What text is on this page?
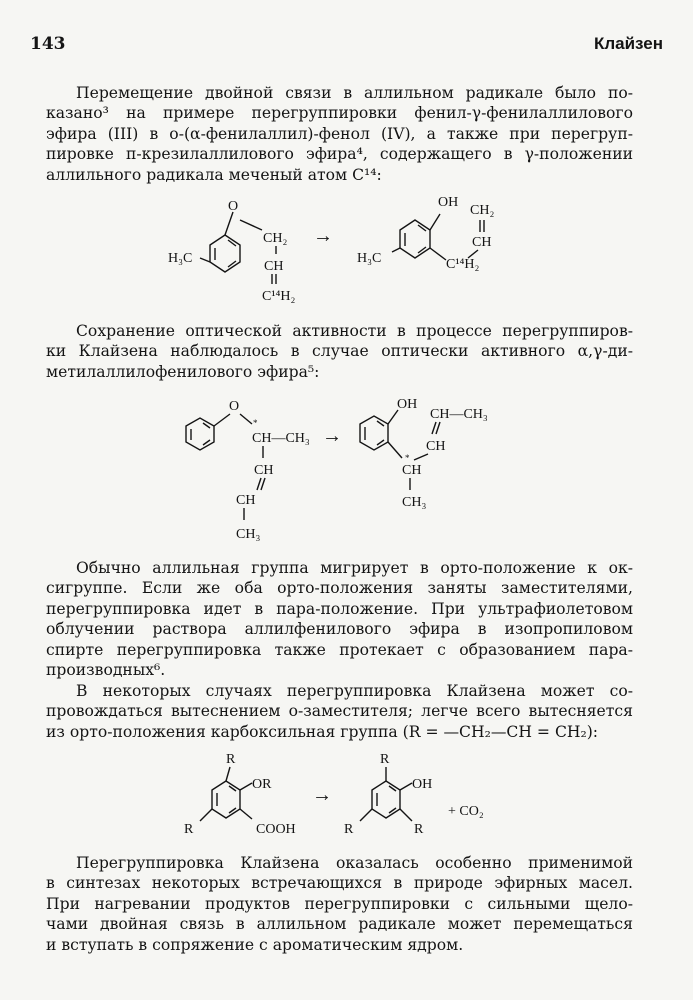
143	Клайзен

Перемещение двойной связи в аллильном радикале было по-
казано³ на примере перегруппировки фенил-γ-фенилаллилового
эфира (III) в о-(α-фенилаллил)-фенол (IV), а также при перегруп-
пировке п-крезилаллилового эфира⁴, содержащего в γ-положении
аллильного радикала меченый атом C¹⁴:

O
CH₂
CH
C¹⁴H₂
H₃C
→
OH
CH₂
CH
C¹⁴H₂
H₃C

Сохранение оптической активности в процессе перегруппиров-
ки Клайзена наблюдалось в случае оптически активного α,γ-ди-
метилаллилофенилового эфира⁵:

O
*
CH—CH₃
CH
CH
CH₃
→
OH
CH—CH₃
CH
*
CH
CH₃

Обычно аллильная группа мигрирует в орто-положение к ок-
сигруппе. Если же оба орто-положения заняты заместителями,
перегруппировка идет в пара-положение. При ультрафиолетовом
облучении раствора аллилфенилового эфира в изопропиловом
спирте перегруппировка также протекает с образованием пара-
производных⁶.

В некоторых случаях перегруппировка Клайзена может со-
провождаться вытеснением о-заместителя; легче всего вытесняется
из орто-положения карбоксильная группа (R = —CH₂—CH = CH₂):

R
OR
R	COOH
→
R
OH
R	R
+ CO₂

Перегруппировка Клайзена оказалась особенно применимой
в синтезах некоторых встречающихся в природе эфирных масел.
При нагревании продуктов перегруппировки с сильными щело-
чами двойная связь в аллильном радикале может перемещаться
и вступать в сопряжение с ароматическим ядром.
